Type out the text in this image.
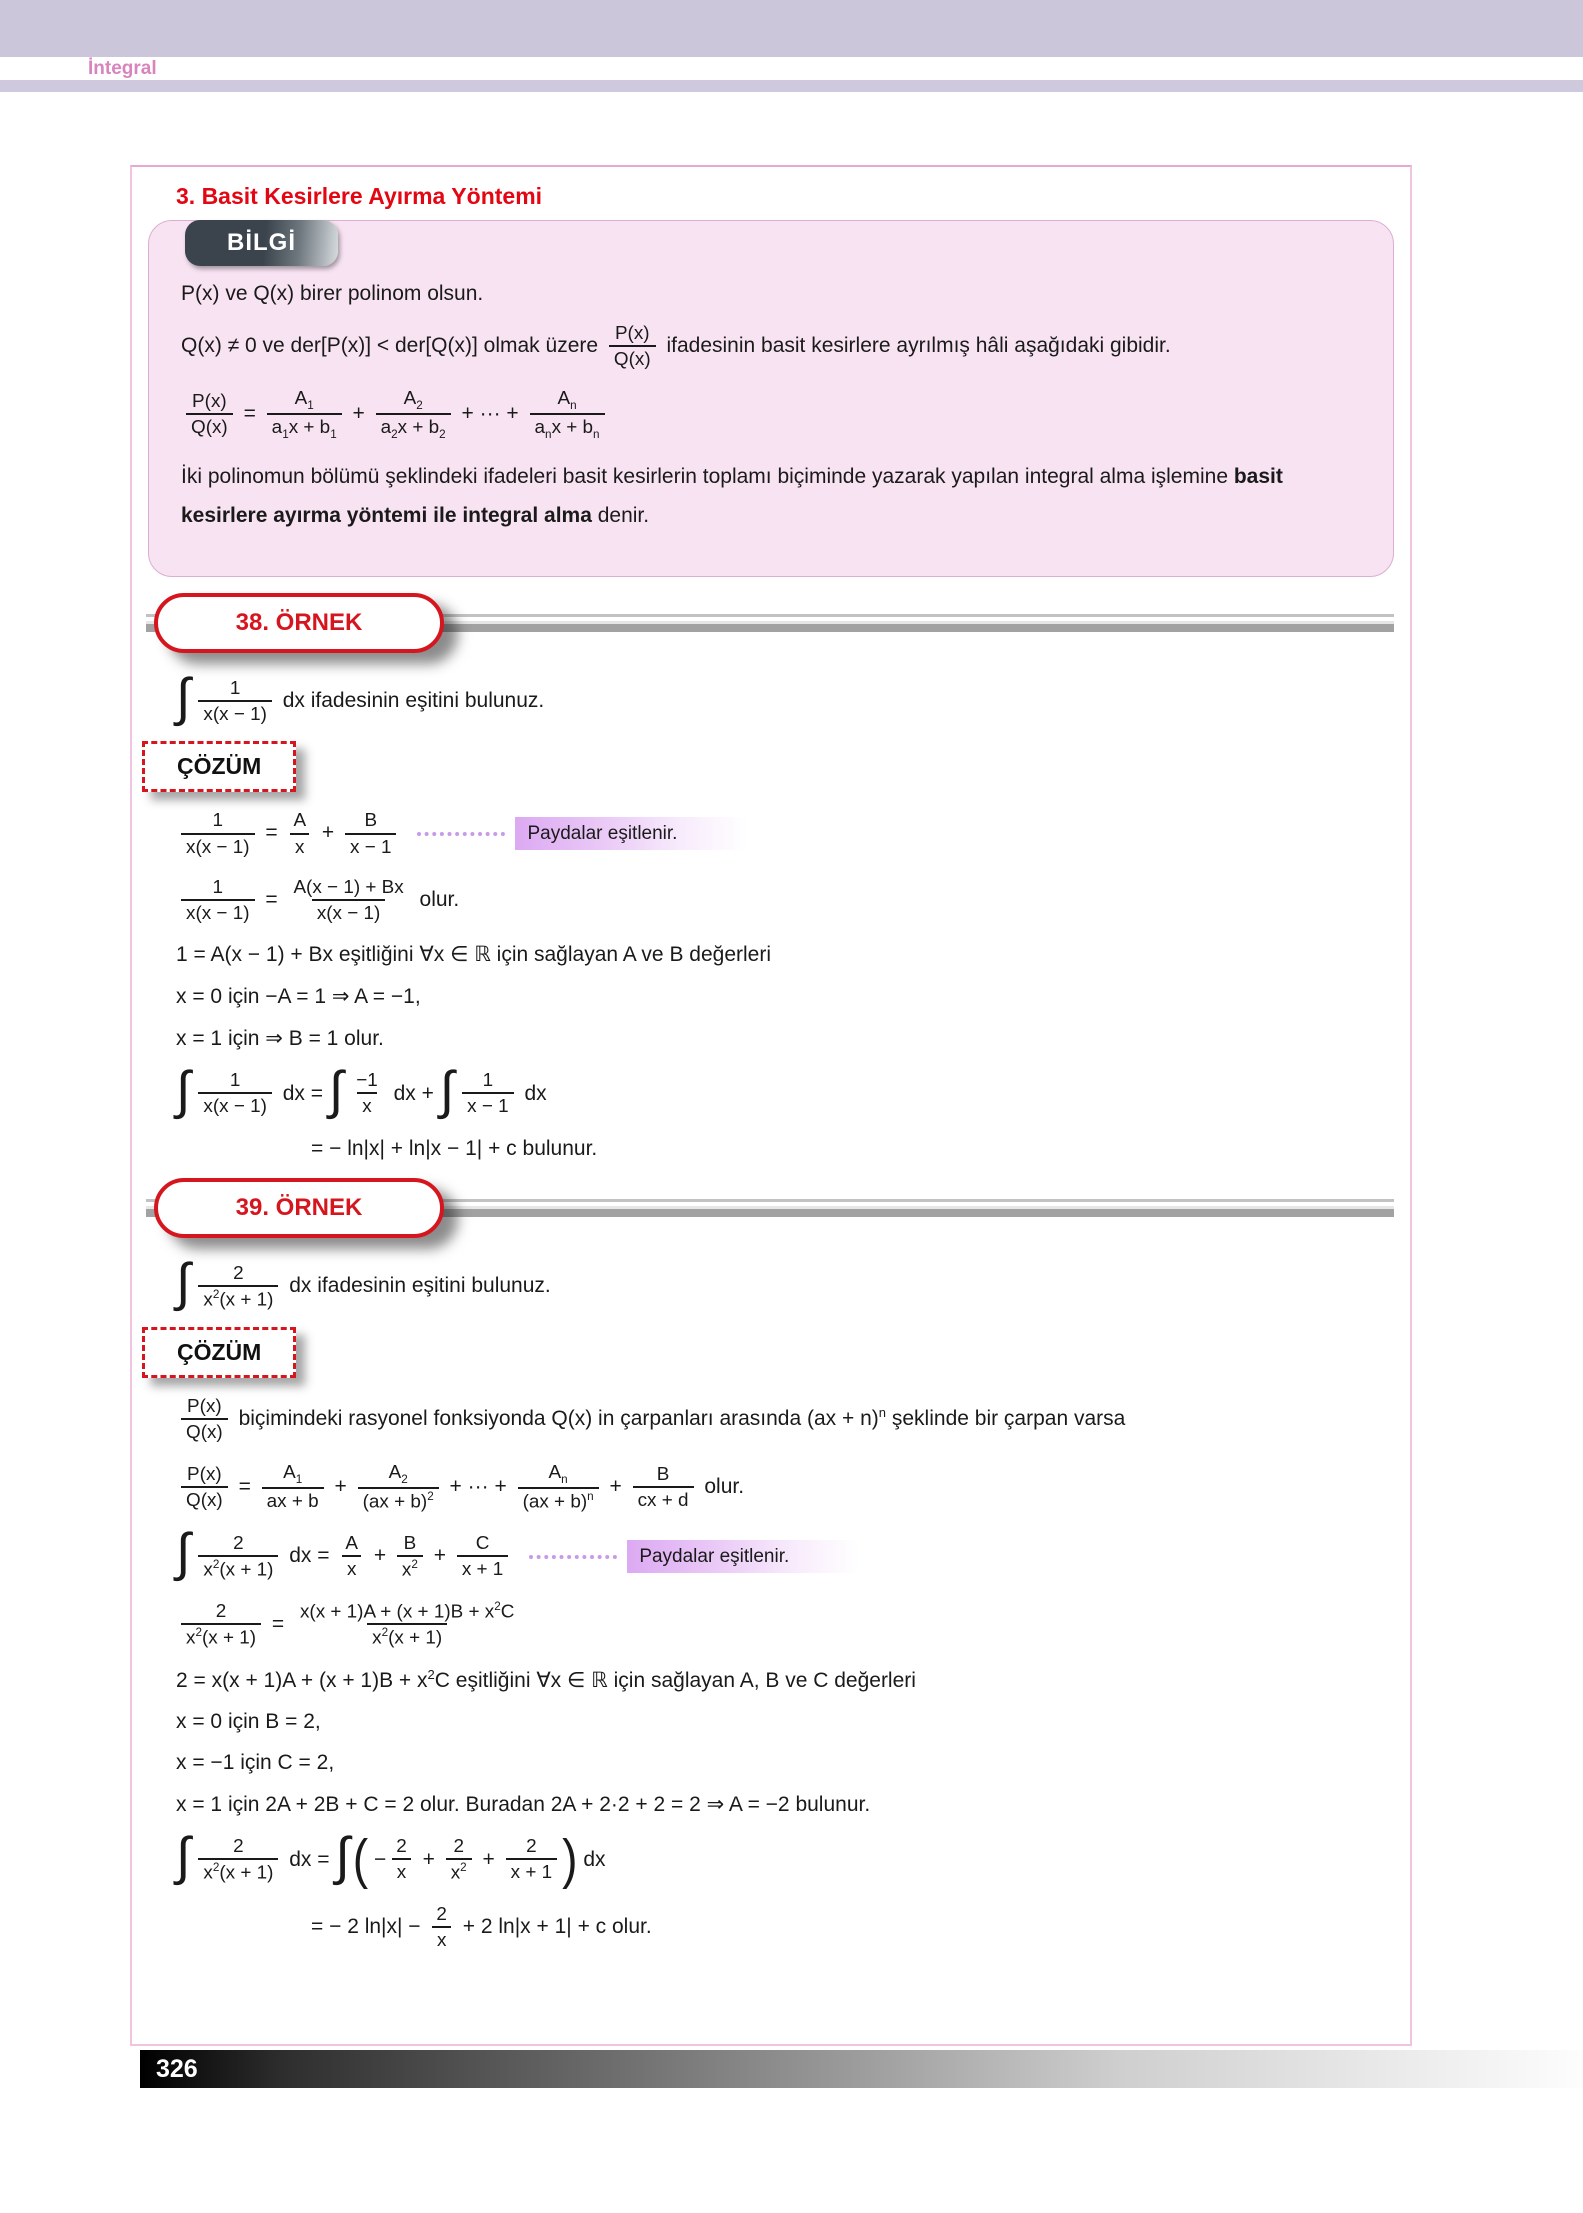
İntegral
3. Basit Kesirlere Ayırma Yöntemi
BİLGİ
P(x) ve Q(x) birer polinom olsun.
Q(x) ≠ 0 ve der[P(x)] < der[Q(x)] olmak üzere $\frac{P(x)}{Q(x)}$ ifadesinin basit kesirlere ayrılmış hâli aşağıdaki gibidir.
$\frac{P(x)}{Q(x)} = \frac{A_1}{a_1x + b_1} + \frac{A_2}{a_2x + b_2}$ + ··· + $\frac{A_n}{a_nx + b_n}$
İki polinomun bölümü şeklindeki ifadeleri basit kesirlerin toplamı biçiminde yazarak yapılan integral alma işlemine basit kesirlere ayırma yöntemi ile integral alma denir.
38. ÖRNEK
∫ $\frac{1}{x(x - 1)}$ dx ifadesinin eşitini bulunuz.
ÇÖZÜM
$\frac{1}{x(x - 1)} = \frac{A}{x} + \frac{B}{x - 1}$	Paydalar eşitlenir.
$\frac{1}{x(x - 1)} = \frac{A(x - 1) + Bx}{x(x - 1)}$ olur.
1 = A(x − 1) + Bx eşitliğini ∀x ∈ ℝ için sağlayan A ve B değerleri
x = 0 için −A = 1 ⇒ A = −1,
x = 1 için ⇒ B = 1 olur.
∫ $\frac{1}{x(x - 1)}$ dx = ∫ $\frac{-1}{x}$ dx + ∫ $\frac{1}{x - 1}$ dx
= − ln|x| + ln|x − 1| + c bulunur.
39. ÖRNEK
∫ $\frac{2}{x^2(x + 1)}$ dx ifadesinin eşitini bulunuz.
ÇÖZÜM
$\frac{P(x)}{Q(x)}$ biçimindeki rasyonel fonksiyonda Q(x) in çarpanları arasında (ax + n)$^n$ şeklinde bir çarpan varsa
$\frac{P(x)}{Q(x)} = \frac{A_1}{ax + b} + \frac{A_2}{(ax + b)^2}$ + ··· + $\frac{A_n}{(ax + b)^n} + \frac{B}{cx + d}$ olur.
∫ $\frac{2}{x^2(x + 1)}$ dx = $\frac{A}{x} + \frac{B}{x^2} + \frac{C}{x + 1}$	Paydalar eşitlenir.
$\frac{2}{x^2(x + 1)} = \frac{x(x + 1)A + (x + 1)B + x^2C}{x^2(x + 1)}$
$2 = x(x + 1)A + (x + 1)B + x^2C$ eşitliğini ∀x ∈ ℝ için sağlayan A, B ve C değerleri
x = 0 için B = 2,
x = −1 için C = 2,
x = 1 için 2A + 2B + C = 2 olur. Buradan 2A + 2·2 + 2 = 2 ⇒ A = −2 bulunur.
∫ $\frac{2}{x^2(x + 1)}$ dx = ∫( − $\frac{2}{x} + \frac{2}{x^2} + \frac{2}{x + 1}$ ) dx
= − 2 $\ln|x| - \frac{2}{x} + 2$ ln|x + 1| + c olur.
326
